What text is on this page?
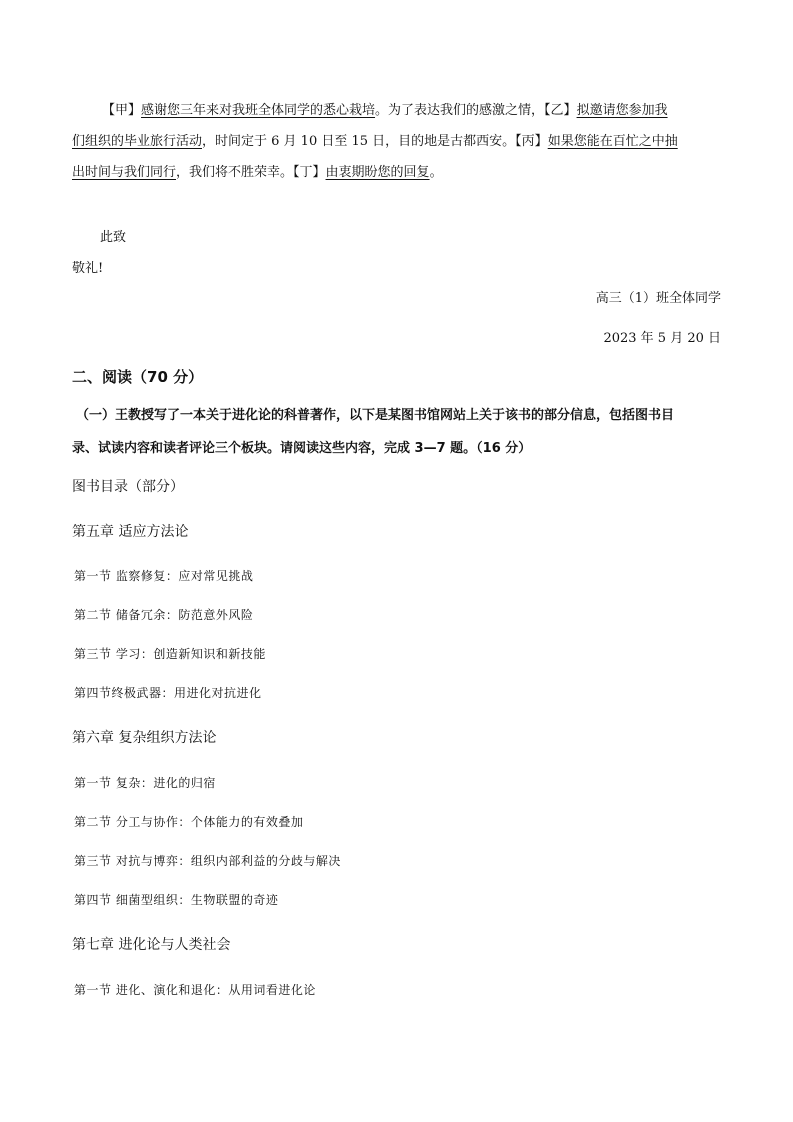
【甲】感谢您三年来对我班全体同学的悉心栽培。为了表达我们的感激之情，【乙】拟邀请您参加我
们组织的毕业旅行活动，时间定于 6 月 10 日至 15 日，目的地是古都西安。【丙】如果您能在百忙之中抽
出时间与我们同行，我们将不胜荣幸。【丁】由衷期盼您的回复。
此致
敬礼!
高三（1）班全体同学
2023 年 5 月 20 日
二、阅读（70 分）
（一）王教授写了一本关于进化论的科普著作，以下是某图书馆网站上关于该书的部分信息，包括图书目
录、试读内容和读者评论三个板块。请阅读这些内容，完成 3—7 题。（16 分）
图书目录（部分）
第五章 适应方法论
第一节 监察修复：应对常见挑战
第二节 储备冗余：防范意外风险
第三节 学习：创造新知识和新技能
第四节终极武器：用进化对抗进化
第六章 复杂组织方法论
第一节 复杂：进化的归宿
第二节 分工与协作：个体能力的有效叠加
第三节 对抗与博弈：组织内部利益的分歧与解决
第四节 细菌型组织：生物联盟的奇迹
第七章 进化论与人类社会
第一节 进化、演化和退化：从用词看进化论
